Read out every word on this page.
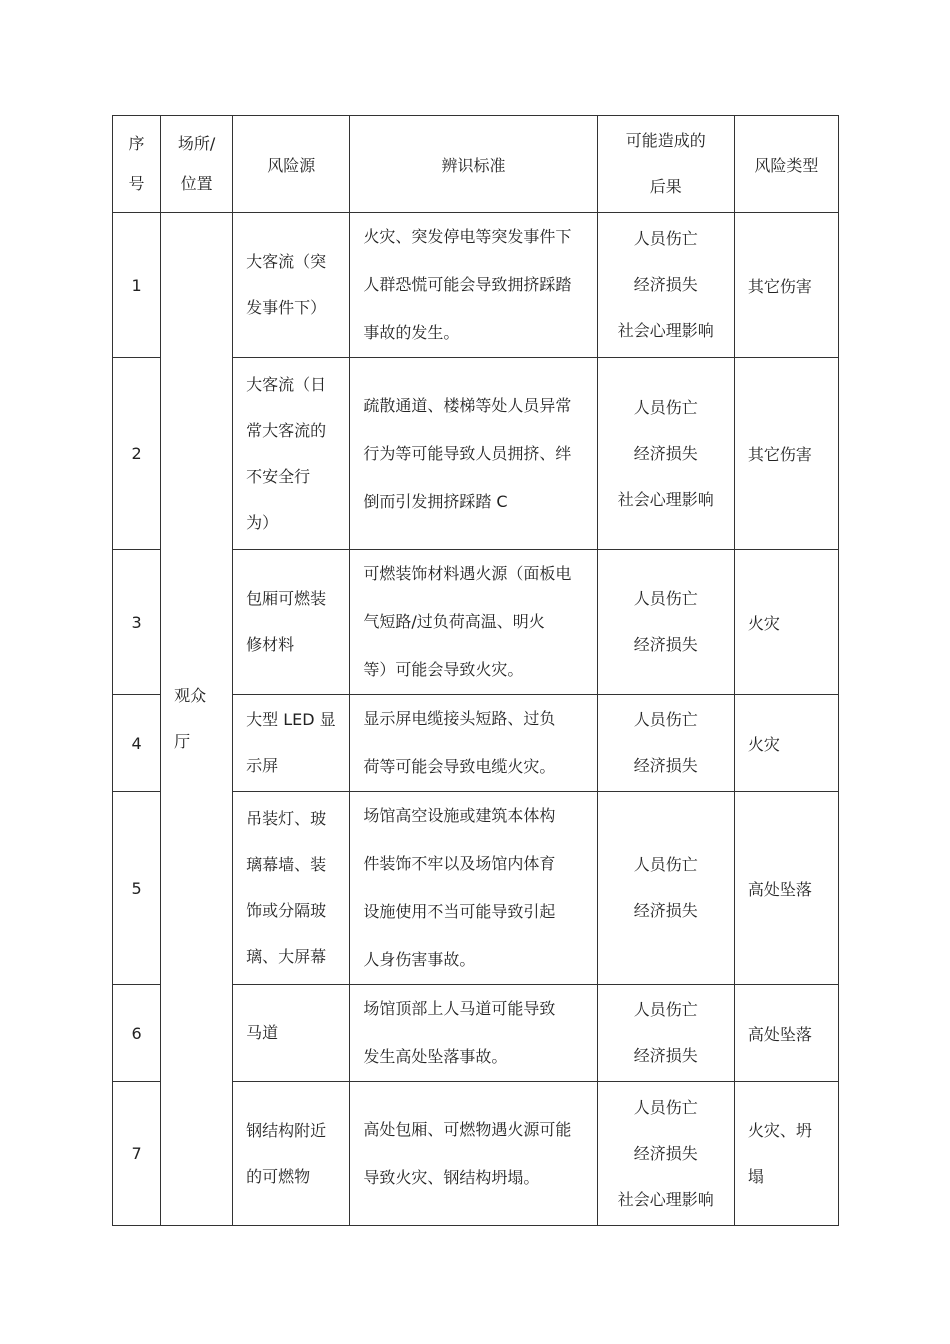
序
号	场所/
位置	风险源	辨识标准	可能造成的
后果	风险类型

1	观众
厅	大客流（突
发事件下）	火灾、突发停电等突发事件下
人群恐慌可能会导致拥挤踩踏
事故的发生。	人员伤亡
经济损失
社会心理影响	其它伤害

2		大客流（日
常大客流的
不安全行
为）	疏散通道、楼梯等处人员异常
行为等可能导致人员拥挤、绊
倒而引发拥挤踩踏 C	人员伤亡
经济损失
社会心理影响	其它伤害

3		包厢可燃装
修材料	可燃装饰材料遇火源（面板电
气短路/过负荷高温、明火
等）可能会导致火灾。	人员伤亡
经济损失	火灾

4		大型 LED 显
示屏	显示屏电缆接头短路、过负
荷等可能会导致电缆火灾。	人员伤亡
经济损失	火灾

5		吊装灯、玻
璃幕墙、装
饰或分隔玻
璃、大屏幕	场馆高空设施或建筑本体构
件装饰不牢以及场馆内体育
设施使用不当可能导致引起
人身伤害事故。	人员伤亡
经济损失	高处坠落

6		马道	场馆顶部上人马道可能导致
发生高处坠落事故。	人员伤亡
经济损失	高处坠落

7		钢结构附近
的可燃物	高处包厢、可燃物遇火源可能
导致火灾、钢结构坍塌。	人员伤亡
经济损失
社会心理影响	火灾、坍
塌
